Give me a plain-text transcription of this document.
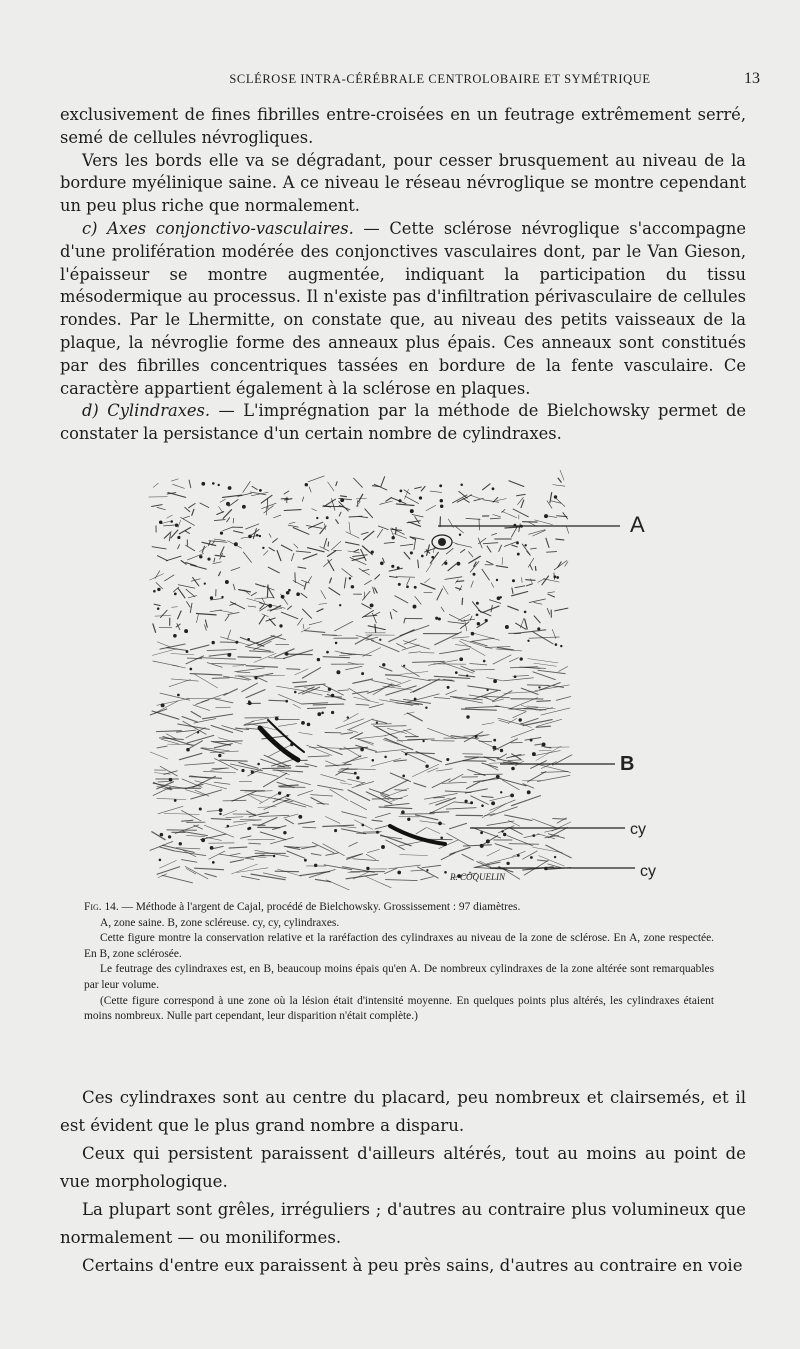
SCLÉROSE INTRA-CÉRÉBRALE CENTROLOBAIRE ET SYMÉTRIQUE	13

exclusivement de fines fibrilles entre-croisées en un feutrage extrêmement serré, semé de cellules névrogliques.

Vers les bords elle va se dégradant, pour cesser brusquement au niveau de la bordure myélinique saine. A ce niveau le réseau névroglique se montre cependant un peu plus riche que normalement.

c) Axes conjonctivo-vasculaires. — Cette sclérose névroglique s'accompagne d'une prolifération modérée des conjonctives vasculaires dont, par le Van Gieson, l'épaisseur se montre augmentée, indiquant la participation du tissu mésodermique au processus. Il n'existe pas d'infiltration périvasculaire de cellules rondes. Par le Lhermitte, on constate que, au niveau des petits vaisseaux de la plaque, la névroglie forme des anneaux plus épais. Ces anneaux sont constitués par des fibrilles concentriques tassées en bordure de la fente vasculaire. Ce caractère appartient également à la sclérose en plaques.

d) Cylindraxes. — L'imprégnation par la méthode de Bielchowsky permet de constater la persistance d'un certain nombre de cylindraxes.

A
B
cy
cy
R. CÔQUELIN

Fig. 14. — Méthode à l'argent de Cajal, procédé de Bielchowsky. Grossissement : 97 diamètres.

A, zone saine. B, zone scléreuse. cy, cy, cylindraxes.

Cette figure montre la conservation relative et la raréfaction des cylindraxes au niveau de la zone de sclérose. En A, zone respectée. En B, zone sclérosée.

Le feutrage des cylindraxes est, en B, beaucoup moins épais qu'en A. De nombreux cylindraxes de la zone altérée sont remarquables par leur volume.

(Cette figure correspond à une zone où la lésion était d'intensité moyenne. En quelques points plus altérés, les cylindraxes étaient moins nombreux. Nulle part cependant, leur disparition n'était complète.)

Ces cylindraxes sont au centre du placard, peu nombreux et clairsemés, et il est évident que le plus grand nombre a disparu.

Ceux qui persistent paraissent d'ailleurs altérés, tout au moins au point de vue morphologique.

La plupart sont grêles, irréguliers ; d'autres au contraire plus volumineux que normalement — ou moniliformes.

Certains d'entre eux paraissent à peu près sains, d'autres au contraire en voie
